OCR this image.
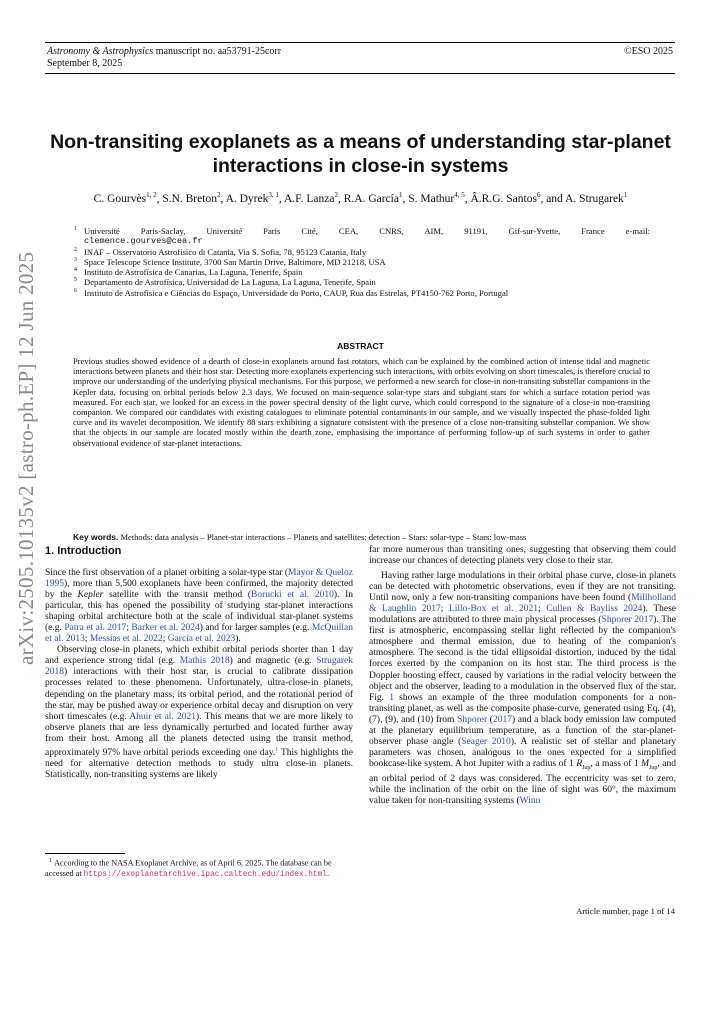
Astronomy & Astrophysics manuscript no. aa53791-25corr
September 8, 2025
©ESO 2025
arXiv:2505.10135v2 [astro-ph.EP] 12 Jun 2025
Non-transiting exoplanets as a means of understanding star-planet
interactions in close-in systems
C. Gourvès$^{1, 2}$, S.N. Breton$^2$, A. Dyrek$^{3, 1}$, A.F. Lanza$^2$, R.A. García$^1$, S. Mathur$^{4, 5}$, Â.R.G. Santos$^6$, and A. Strugarek$^1$
1 Université Paris-Saclay, Université Paris Cité, CEA, CNRS, AIM, 91191, Gif-sur-Yvette, France e-mail:
clemence.gourves@cea.fr
2 INAF – Osservatorio Astrofisico di Catania, Via S. Sofia, 78, 95123 Catania, Italy
3 Space Telescope Science Institute, 3700 San Martin Drive, Baltimore, MD 21218, USA
4 Instituto de Astrofísica de Canarias, La Laguna, Tenerife, Spain
5 Departamento de Astrofísica, Universidad de La Laguna, La Laguna, Tenerife, Spain
6 Instituto de Astrofísica e Ciências do Espaço, Universidade do Porto, CAUP, Rua das Estrelas, PT4150-762 Porto, Portugal
ABSTRACT
Previous studies showed evidence of a dearth of close-in exoplanets around fast rotators, which can be explained by the combined action of intense tidal and magnetic interactions between planets and their host star. Detecting more exoplanets experiencing such interactions, with orbits evolving on short timescales, is therefore crucial to improve our understanding of the underlying physical mechanisms. For this purpose, we performed a new search for close-in non-transiting substellar companions in the Kepler data, focusing on orbital periods below 2.3 days. We focused on main-sequence solar-type stars and subgiant stars for which a surface rotation period was measured. For each star, we looked for an excess in the power spectral density of the light curve, which could correspond to the signature of a close-in non-transiting companion. We compared our candidates with existing catalogues to eliminate potential contaminants in our sample, and we visually inspected the phase-folded light curve and its wavelet decomposition. We identify 88 stars exhibiting a signature consistent with the presence of a close non-transiting substellar companion. We show that the objects in our sample are located mostly within the dearth zone, emphasising the importance of performing follow-up of such systems in order to gather observational evidence of star-planet interactions.
Key words. Methods: data analysis – Planet-star interactions – Planets and satellites: detection – Stars: solar-type – Stars: low-mass
1. Introduction

Since the first observation of a planet orbiting a solar-type star (Mayor & Queloz 1995), more than 5,500 exoplanets have been confirmed, the majority detected by the Kepler satellite with the transit method (Borucki et al. 2010). In particular, this has opened the possibility of studying star-planet interactions shaping orbital architecture both at the scale of individual star-planet systems (e.g. Patra et al. 2017; Barker et al. 2024) and for larger samples (e.g. McQuillan et al. 2013; Messias et al. 2022; García et al. 2023).

Observing close-in planets, which exhibit orbital periods shorter than 1 day and experience strong tidal (e.g. Mathis 2018) and magnetic (e.g. Strugarek 2018) interactions with their host star, is crucial to calibrate dissipation processes related to these phenomena. Unfortunately, ultra-close-in planets, depending on the planetary mass, its orbital period, and the rotational period of the star, may be pushed away or experience orbital decay and disruption on very short timescales (e.g. Ahuir et al. 2021). This means that we are more likely to observe planets that are less dynamically perturbed and located further away from their host. Among all the planets detected using the transit method, approximately 97% have orbital periods exceeding one day.$^1$ This highlights the need for alternative detection methods to study ultra close-in planets. Statistically, non-transiting systems are likely

$^1$ According to the NASA Exoplanet Archive, as of April 6, 2025. The database can be accessed at https://exoplanetarchive.ipac.caltech.edu/index.html.

far more numerous than transiting ones, suggesting that observing them could increase our chances of detecting planets very close to their star.

Having rather large modulations in their orbital phase curve, close-in planets can be detected with photometric observations, even if they are not transiting. Until now, only a few non-transiting companions have been found (Millholland & Laughlin 2017; Lillo-Box et al. 2021; Cullen & Bayliss 2024). These modulations are attributed to three main physical processes (Shporer 2017). The first is atmospheric, encompassing stellar light reflected by the companion's atmosphere and thermal emission, due to heating of the companion's atmosphere. The second is the tidal ellipsoidal distortion, induced by the tidal forces exerted by the companion on its host star. The third process is the Doppler boosting effect, caused by variations in the radial velocity between the object and the observer, leading to a modulation in the observed flux of the star. Fig. 1 shows an example of the three modulation components for a non-transiting planet, as well as the composite phase-curve, generated using Eq. (4), (7), (9), and (10) from Shporer (2017) and a black body emission law computed at the planetary equilibrium temperature, as a function of the star-planet-observer phase angle (Seager 2010). A realistic set of stellar and planetary parameters was chosen, analogous to the ones expected for a simplified bookcase-like system. A hot Jupiter with a radius of 1 $R_{Jup}$, a mass of 1 $M_{Jup}$, and an orbital period of 2 days was considered. The eccentricity was set to zero, while the inclination of the orbit on the line of sight was 60°, the maximum value taken for non-transiting systems (Winn

Article number, page 1 of 14
